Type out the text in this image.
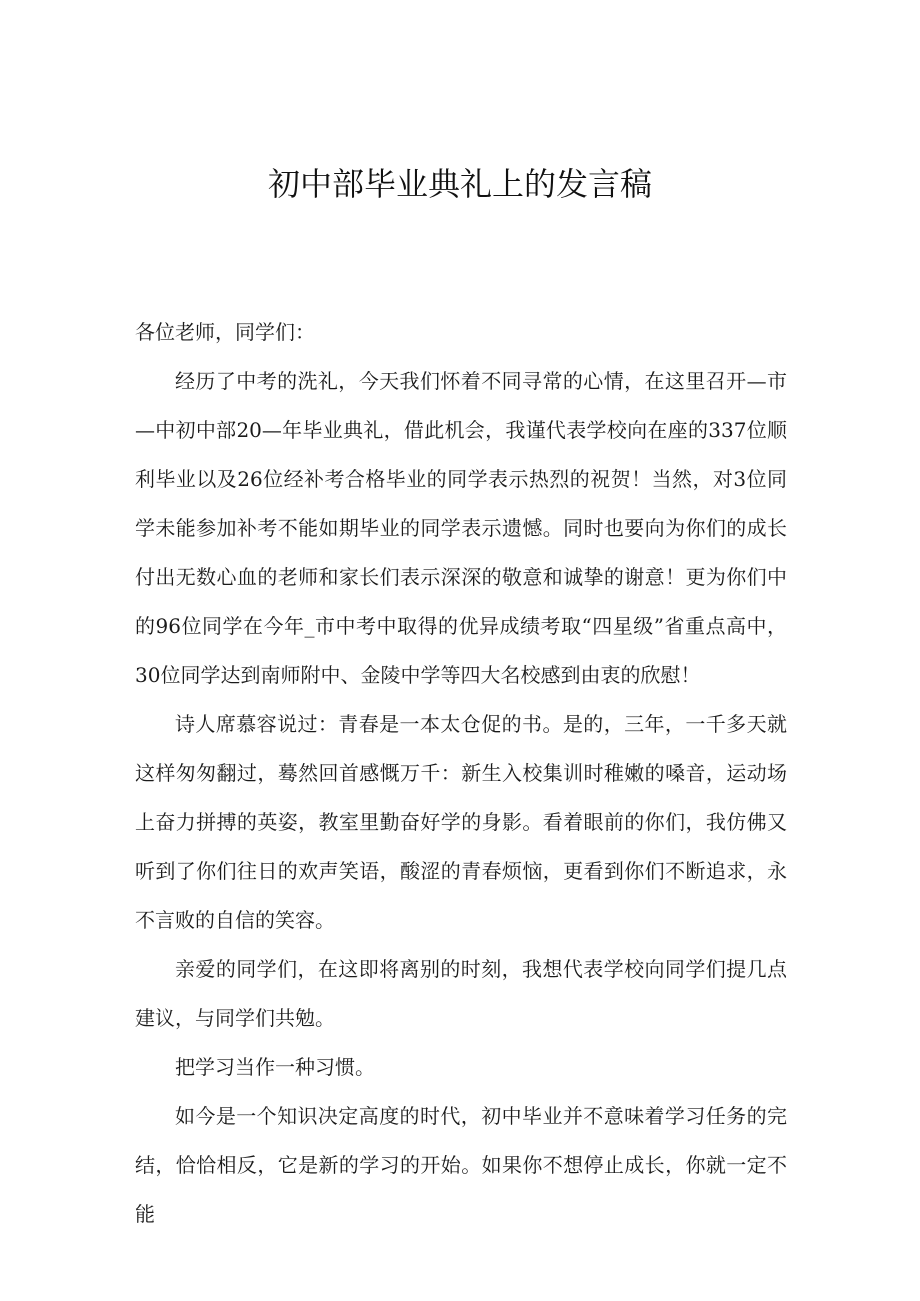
初中部毕业典礼上的发言稿

各位老师，同学们：

经历了中考的洗礼，今天我们怀着不同寻常的心情，在这里召开—市—中初中部20—年毕业典礼，借此机会，我谨代表学校向在座的337位顺利毕业以及26位经补考合格毕业的同学表示热烈的祝贺！当然，对3位同学未能参加补考不能如期毕业的同学表示遗憾。同时也要向为你们的成长付出无数心血的老师和家长们表示深深的敬意和诚挚的谢意！更为你们中的96位同学在今年_市中考中取得的优异成绩考取“四星级”省重点高中，30位同学达到南师附中、金陵中学等四大名校感到由衷的欣慰！

诗人席慕容说过：青春是一本太仓促的书。是的，三年，一千多天就这样匆匆翻过，蓦然回首感慨万千：新生入校集训时稚嫩的嗓音，运动场上奋力拼搏的英姿，教室里勤奋好学的身影。看着眼前的你们，我仿佛又听到了你们往日的欢声笑语，酸涩的青春烦恼，更看到你们不断追求，永不言败的自信的笑容。

亲爱的同学们，在这即将离别的时刻，我想代表学校向同学们提几点建议，与同学们共勉。

把学习当作一种习惯。

如今是一个知识决定高度的时代，初中毕业并不意味着学习任务的完结，恰恰相反，它是新的学习的开始。如果你不想停止成长，你就一定不能
